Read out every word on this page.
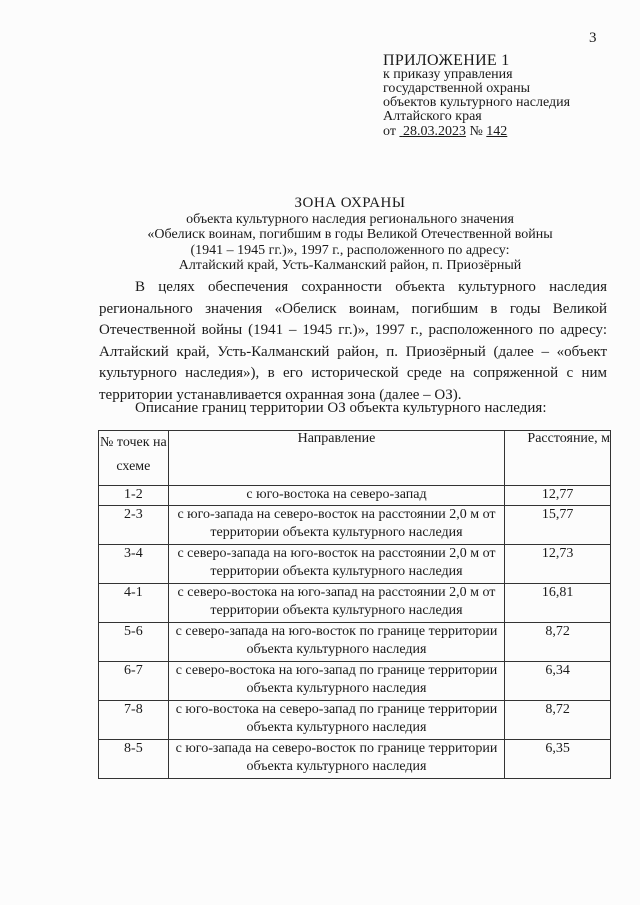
3
ПРИЛОЖЕНИЕ 1
к приказу управления
государственной охраны
объектов культурного наследия
Алтайского края
от 28.03.2023 № 142
ЗОНА ОХРАНЫ
объекта культурного наследия регионального значения
«Обелиск воинам, погибшим в годы Великой Отечественной войны
(1941 – 1945 гг.)», 1997 г., расположенного по адресу:
Алтайский край, Усть-Калманский район, п. Приозёрный
В целях обеспечения сохранности объекта культурного наследия регионального значения «Обелиск воинам, погибшим в годы Великой Отечественной войны (1941 – 1945 гг.)», 1997 г., расположенного по адресу: Алтайский край, Усть-Калманский район, п. Приозёрный (далее – «объект культурного наследия»), в его исторической среде на сопряженной с ним территории устанавливается охранная зона (далее – ОЗ).
Описание границ территории ОЗ объекта культурного наследия:
№ точек на схеме	Направление	Расстояние, м
1-2	с юго-востока на северо-запад	12,77
2-3	с юго-запада на северо-восток на расстоянии 2,0 м от территории объекта культурного наследия	15,77
3-4	с северо-запада на юго-восток на расстоянии 2,0 м от территории объекта культурного наследия	12,73
4-1	с северо-востока на юго-запад на расстоянии 2,0 м от территории объекта культурного наследия	16,81
5-6	с северо-запада на юго-восток по границе территории объекта культурного наследия	8,72
6-7	с северо-востока на юго-запад по границе территории объекта культурного наследия	6,34
7-8	с юго-востока на северо-запад по границе территории объекта культурного наследия	8,72
8-5	с юго-запада на северо-восток по границе территории объекта культурного наследия	6,35
